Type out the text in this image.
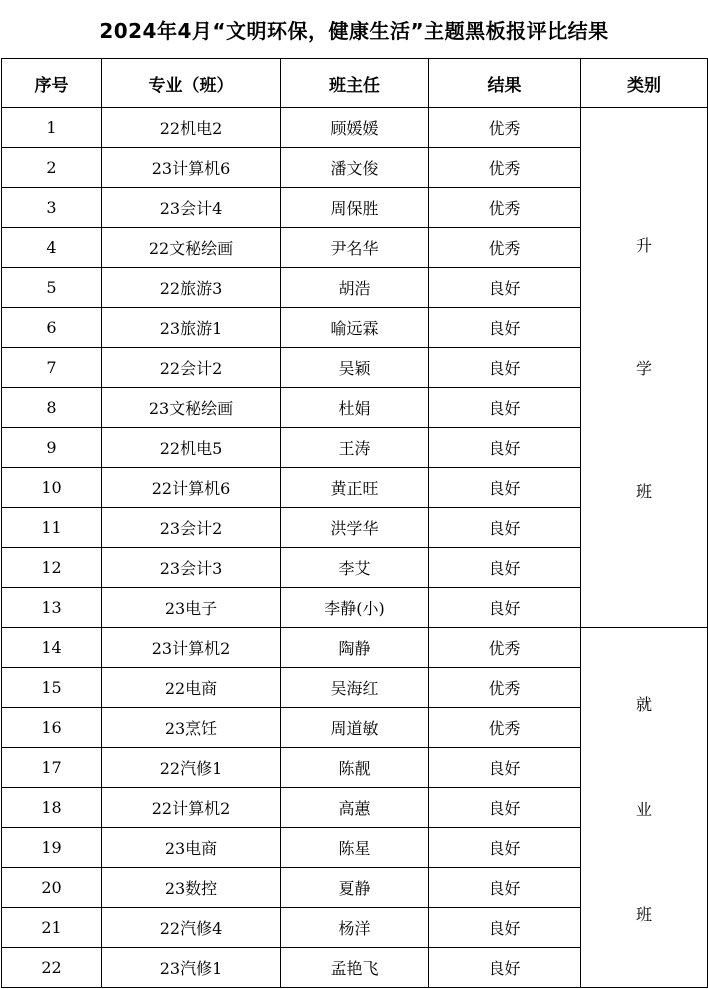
2024年4月“文明环保，健康生活”主题黑板报评比结果
序号	专业（班）	班主任	结果	类别
1	22机电2	顾媛媛	优秀	升
学
班

2	23计算机6	潘文俊	优秀	
3	23会计4	周保胜	优秀	
4	22文秘绘画	尹名华	优秀	
5	22旅游3	胡浩	良好	
6	23旅游1	喻远霖	良好	
7	22会计2	吴颖	良好	
8	23文秘绘画	杜娟	良好	
9	22机电5	王涛	良好	
10	22计算机6	黄正旺	良好	
11	23会计2	洪学华	良好	
12	23会计3	李艾	良好	
13	23电子	李静(小)	良好	
14	23计算机2	陶静	优秀	就
业
班

15	22电商	吴海红	优秀	
16	23烹饪	周道敏	优秀	
17	22汽修1	陈靓	良好	
18	22计算机2	高蕙	良好	
19	23电商	陈星	良好	
20	23数控	夏静	良好	
21	22汽修4	杨洋	良好	
22	23汽修1	孟艳飞	良好	
